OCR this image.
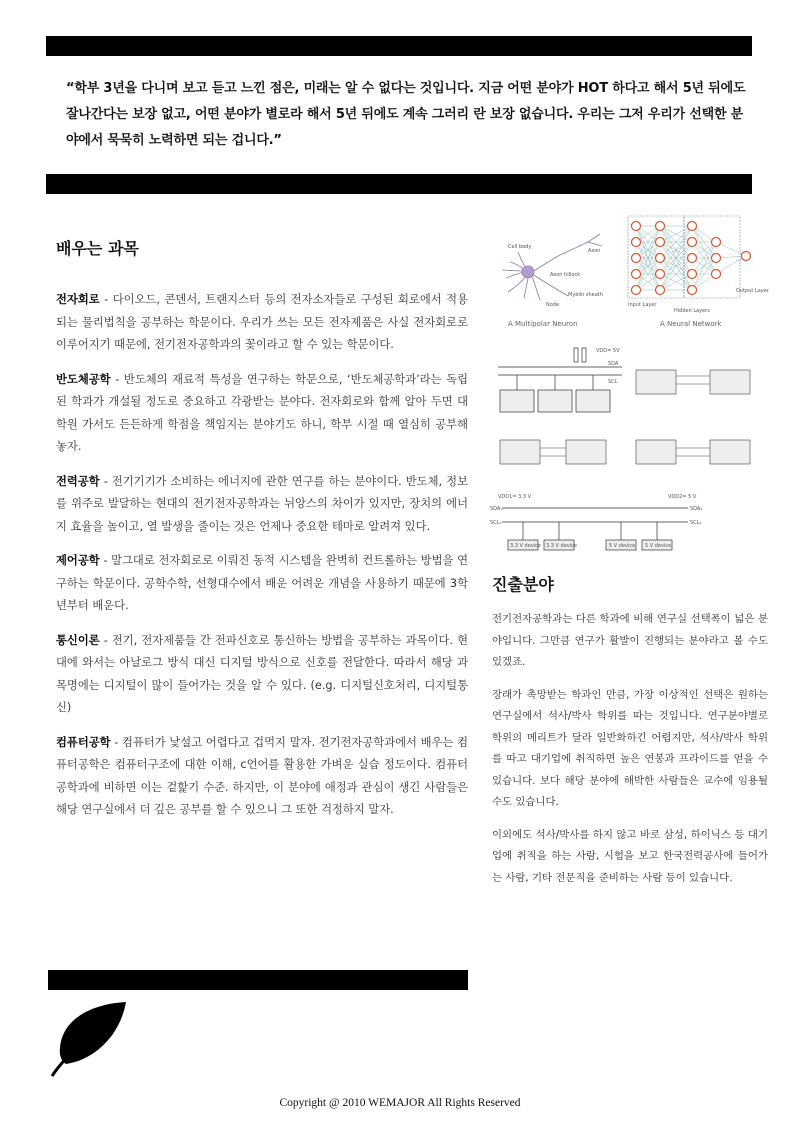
“학부 3년을 다니며 보고 듣고 느낀 점은, 미래는 알 수 없다는 것입니다. 지금 어떤 분야가 HOT 하다고 해서 5년 뒤에도 잘나간다는 보장 없고, 어떤 분야가 별로라 해서 5년 뒤에도 계속 그러리 란 보장 없습니다. 우리는 그저 우리가 선택한 분야에서 묵묵히 노력하면 되는 겁니다.”
배우는 과목

전자회로 - 다이오드, 콘덴서, 트랜지스터 등의 전자소자들로 구성된 회로에서 적용되는 물리법칙을 공부하는 학문이다. 우리가 쓰는 모든 전자제품은 사실 전자회로로 이루어지기 때문에, 전기전자공학과의 꽃이라고 할 수 있는 학문이다.

반도체공학 - 반도체의 재료적 특성을 연구하는 학문으로, ‘반도체공학과’라는 독립된 학과가 개설될 정도로 중요하고 각광받는 분야다. 전자회로와 함께 알아 두면 대학원 가서도 든든하게 학점을 책임지는 분야기도 하니, 학부 시절 때 열심히 공부해 놓자.

전력공학 - 전기기기가 소비하는 에너지에 관한 연구를 하는 분야이다. 반도체, 정보를 위주로 발달하는 현대의 전기전자공학과는 뉘앙스의 차이가 있지만, 장치의 에너지 효율을 높이고, 열 발생을 줄이는 것은 언제나 중요한 테마로 알려져 있다.

제어공학 - 말그대로 전자회로로 이뤄진 동적 시스템을 완벽히 컨트롤하는 방법을 연구하는 학문이다. 공학수학, 선형대수에서 배운 어려운 개념을 사용하기 때문에 3학년부터 배운다.

통신이론 - 전기, 전자제품들 간 전파신호로 통신하는 방법을 공부하는 과목이다. 현대에 와서는 아날로그 방식 대신 디지털 방식으로 신호를 전달한다. 따라서 해당 과목명에는 디지털이 많이 들어가는 것을 알 수 있다. (e.g. 디지털신호처리, 디지털통신)

컴퓨터공학 - 컴퓨터가 낯설고 어렵다고 겁먹지 말자. 전기전자공학과에서 배우는 컴퓨터공학은 컴퓨터구조에 대한 이해, c언어를 활용한 가벼운 실습 정도이다. 컴퓨터공학과에 비하면 이는 겉핥기 수준. 하지만, 이 분야에 애정과 관심이 생긴 사람들은 해당 연구실에서 더 깊은 공부를 할 수 있으니 그 또한 걱정하지 말자.

Cell body
Axon hillock
Myelin sheath
Node
Axon
A Multipolar Neuron
Input Layer
Hidden Layers
Output Layer
A Neural Network
VDD= 5V
SDA
SCL
VDD1= 3.3 V	VDD2= 5 V
SDA₁
SCL₁
SDA₂
SCL₂
3.3 V device 3.3 V device	5 V device 5 V device
진출분야

전기전자공학과는 다른 학과에 비해 연구실 선택폭이 넓은 분야입니다. 그만큼 연구가 활발이 진행되는 분야라고 볼 수도 있겠죠.

장래가 촉망받는 학과인 만큼, 가장 이상적인 선택은 원하는 연구실에서 석사/박사 학위를 따는 것입니다. 연구분야별로 학위의 메리트가 달라 일반화하긴 어렵지만, 석사/박사 학위를 따고 대기업에 취직하면 높은 연봉과 프라이드를 얻을 수 있습니다. 보다 해당 분야에 해박한 사람들은 교수에 임용될 수도 있습니다.

이외에도 석사/박사를 하지 않고 바로 삼성, 하이닉스 등 대기업에 취직을 하는 사람, 시험을 보고 한국전력공사에 들어가는 사람, 기타 전문직을 준비하는 사람 등이 있습니다.

Copyright @ 2010 WEMAJOR All Rights Reserved
